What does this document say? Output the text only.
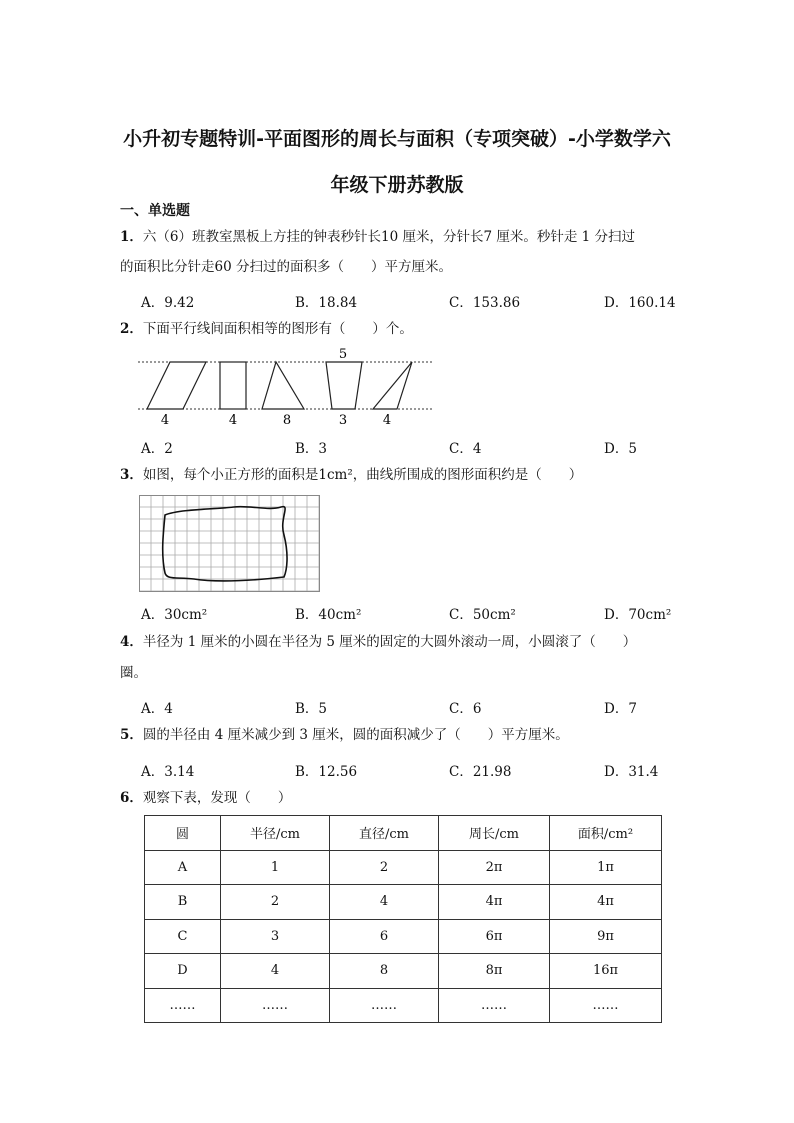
小升初专题特训-平面图形的周长与面积（专项突破）-小学数学六
年级下册苏教版
一、单选题
1．六（6）班教室黑板上方挂的钟表秒针长10 厘米，分针长7 厘米。秒针走 1 分扫过
的面积比分针走60 分扫过的面积多（　　）平方厘米。
A．9.42	B．18.84	C．153.86	D．160.14
2．下面平行线间面积相等的图形有（　　）个。
5
4	4	8	3	4
A．2	B．3	C．4	D．5
3．如图，每个小正方形的面积是1cm²，曲线所围成的图形面积约是（　　）
A．30cm²	B．40cm²	C．50cm²	D．70cm²
4．半径为 1 厘米的小圆在半径为 5 厘米的固定的大圆外滚动一周，小圆滚了（　　）
圈。
A．4	B．5	C．6	D．7
5．圆的半径由 4 厘米减少到 3 厘米，圆的面积减少了（　　）平方厘米。
A．3.14	B．12.56	C．21.98	D．31.4
6．观察下表，发现（　　）
圆	半径/cm	直径/cm	周长/cm	面积/cm²
A	1	2	2π	1π
B	2	4	4π	4π
C	3	6	6π	9π
D	4	8	8π	16π
……	……	……	……	……
